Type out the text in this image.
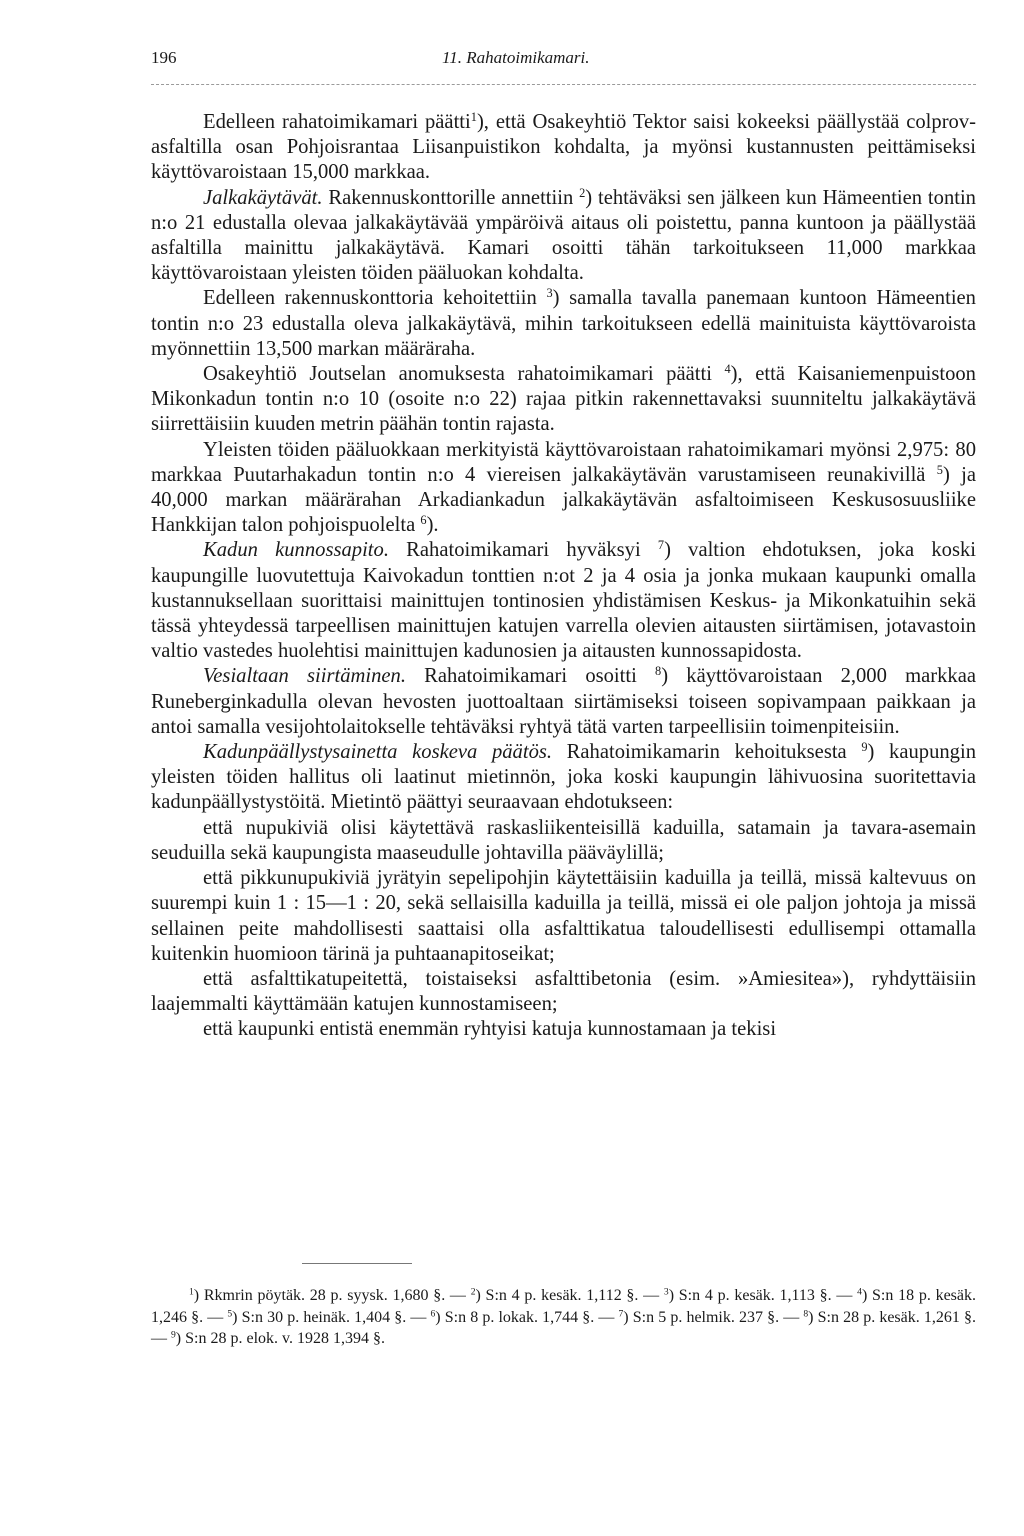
196	11. Rahatoimikamari.

Edelleen rahatoimikamari päätti$^1$), että Osakeyhtiö Tektor saisi kokeeksi päällystää colprov-asfaltilla osan Pohjoisrantaa Liisanpuistikon kohdalta, ja myönsi kustannusten peittämiseksi käyttövaroistaan 15,000 markkaa.

Jalkakäytävät. Rakennuskonttorille annettiin $^2$) tehtäväksi sen jälkeen kun Hämeentien tontin n:o 21 edustalla olevaa jalkakäytävää ympäröivä aitaus oli poistettu, panna kuntoon ja päällystää asfaltilla mainittu jalkakäytävä. Kamari osoitti tähän tarkoitukseen 11,000 markkaa käyttövaroistaan yleisten töiden pääluokan kohdalta.

Edelleen rakennuskonttoria kehoitettiin $^3$) samalla tavalla panemaan kuntoon Hämeentien tontin n:o 23 edustalla oleva jalkakäytävä, mihin tarkoitukseen edellä mainituista käyttövaroista myönnettiin 13,500 markan määräraha.

Osakeyhtiö Joutselan anomuksesta rahatoimikamari päätti $^4$), että Kaisaniemenpuistoon Mikonkadun tontin n:o 10 (osoite n:o 22) rajaa pitkin rakennettavaksi suunniteltu jalkakäytävä siirrettäisiin kuuden metrin päähän tontin rajasta.

Yleisten töiden pääluokkaan merkityistä käyttövaroistaan rahatoimikamari myönsi 2,975: 80 markkaa Puutarhakadun tontin n:o 4 viereisen jalkakäytävän varustamiseen reunakivillä $^5$) ja 40,000 markan määrärahan Arkadiankadun jalkakäytävän asfaltoimiseen Keskusosuusliike Hankkijan talon pohjoispuolelta $^6$).

Kadun kunnossapito. Rahatoimikamari hyväksyi $^7$) valtion ehdotuksen, joka koski kaupungille luovutettuja Kaivokadun tonttien n:ot 2 ja 4 osia ja jonka mukaan kaupunki omalla kustannuksellaan suorittaisi mainittujen tontinosien yhdistämisen Keskus- ja Mikonkatuihin sekä tässä yhteydessä tarpeellisen mainittujen katujen varrella olevien aitausten siirtämisen, jotavastoin valtio vastedes huolehtisi mainittujen kadunosien ja aitausten kunnossapidosta.

Vesialtaan siirtäminen. Rahatoimikamari osoitti $^8$) käyttövaroistaan 2,000 markkaa Runeberginkadulla olevan hevosten juottoaltaan siirtämiseksi toiseen sopivampaan paikkaan ja antoi samalla vesijohtolaitokselle tehtäväksi ryhtyä tätä varten tarpeellisiin toimenpiteisiin.

Kadunpäällystysainetta koskeva päätös. Rahatoimikamarin kehoituksesta $^9$) kaupungin yleisten töiden hallitus oli laatinut mietinnön, joka koski kaupungin lähivuosina suoritettavia kadunpäällystystöitä. Mietintö päättyi seuraavaan ehdotukseen:

että nupukiviä olisi käytettävä raskasliikenteisillä kaduilla, satamain ja tavara-asemain seuduilla sekä kaupungista maaseudulle johtavilla pääväylillä;

että pikkunupukiviä jyrätyin sepelipohjin käytettäisiin kaduilla ja teillä, missä kaltevuus on suurempi kuin 1 : 15—1 : 20, sekä sellaisilla kaduilla ja teillä, missä ei ole paljon johtoja ja missä sellainen peite mahdollisesti saattaisi olla asfalttikatua taloudellisesti edullisempi ottamalla kuitenkin huomioon tärinä ja puhtaanapitoseikat;

että asfalttikatupeitettä, toistaiseksi asfalttibetonia (esim. »Amiesitea»), ryhdyttäisiin laajemmalti käyttämään katujen kunnostamiseen;

että kaupunki entistä enemmän ryhtyisi katuja kunnostamaan ja tekisi

$^1$) Rkmrin pöytäk. 28 p. syysk. 1,680 §. — $^2$) S:n 4 p. kesäk. 1,112 §. — $^3$) S:n 4 p. kesäk. 1,113 §. — $^4$) S:n 18 p. kesäk. 1,246 §. — $^5$) S:n 30 p. heinäk. 1,404 §. — $^6$) S:n 8 p. lokak. 1,744 §. — $^7$) S:n 5 p. helmik. 237 §. — $^8$) S:n 28 p. kesäk. 1,261 §. — $^9$) S:n 28 p. elok. v. 1928 1,394 §.
